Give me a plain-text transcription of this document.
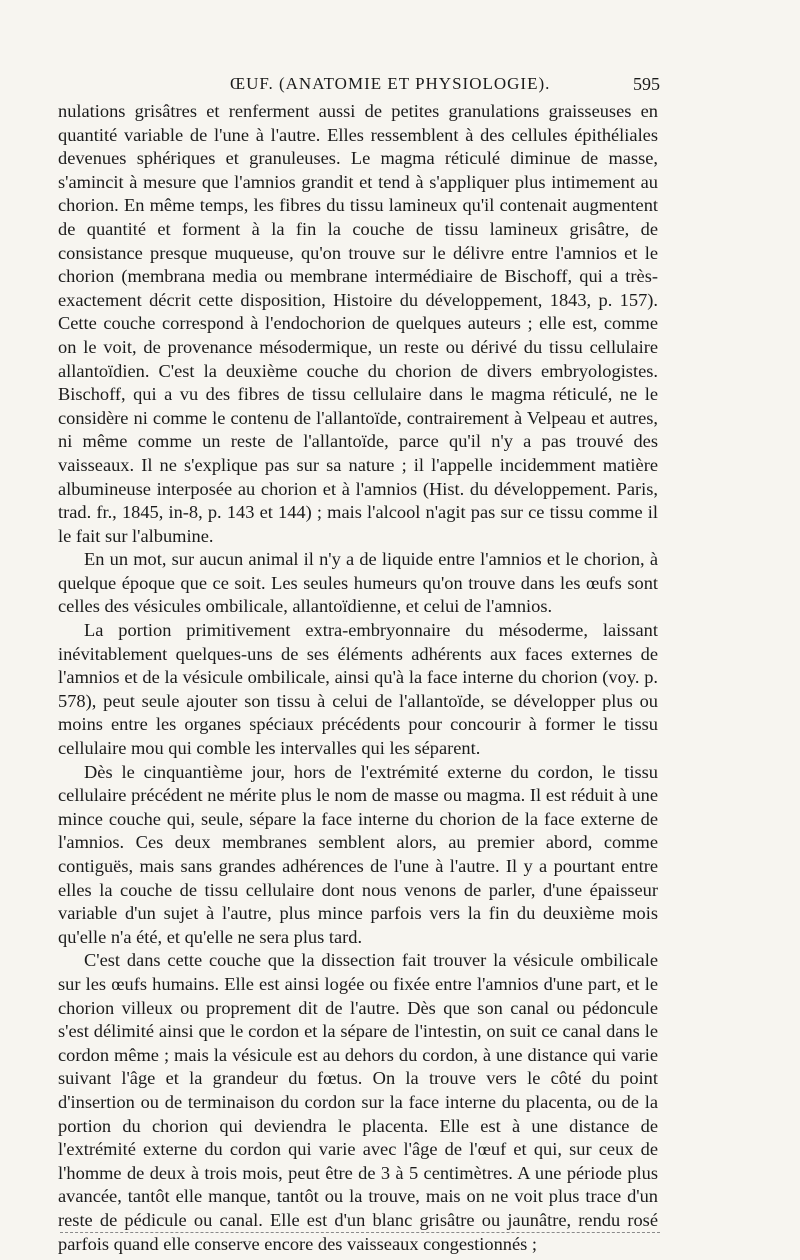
ŒUF. (ANATOMIE ET PHYSIOLOGIE).	595

nulations grisâtres et renferment aussi de petites granulations graisseuses en quantité variable de l'une à l'autre. Elles ressemblent à des cellules épithéliales devenues sphériques et granuleuses. Le magma réticulé diminue de masse, s'amincit à mesure que l'amnios grandit et tend à s'appliquer plus intimement au chorion. En même temps, les fibres du tissu lamineux qu'il contenait augmentent de quantité et forment à la fin la couche de tissu lamineux grisâtre, de consistance presque muqueuse, qu'on trouve sur le délivre entre l'amnios et le chorion (membrana media ou membrane intermédiaire de Bischoff, qui a très-exactement décrit cette disposition, Histoire du développement, 1843, p. 157). Cette couche correspond à l'endochorion de quelques auteurs ; elle est, comme on le voit, de provenance mésodermique, un reste ou dérivé du tissu cellulaire allantoïdien. C'est la deuxième couche du chorion de divers embryologistes. Bischoff, qui a vu des fibres de tissu cellulaire dans le magma réticulé, ne le considère ni comme le contenu de l'allantoïde, contrairement à Velpeau et autres, ni même comme un reste de l'allantoïde, parce qu'il n'y a pas trouvé des vaisseaux. Il ne s'explique pas sur sa nature ; il l'appelle incidemment matière albumineuse interposée au chorion et à l'amnios (Hist. du développement. Paris, trad. fr., 1845, in-8, p. 143 et 144) ; mais l'alcool n'agit pas sur ce tissu comme il le fait sur l'albumine.

En un mot, sur aucun animal il n'y a de liquide entre l'amnios et le chorion, à quelque époque que ce soit. Les seules humeurs qu'on trouve dans les œufs sont celles des vésicules ombilicale, allantoïdienne, et celui de l'amnios.

La portion primitivement extra-embryonnaire du mésoderme, laissant inévitablement quelques-uns de ses éléments adhérents aux faces externes de l'amnios et de la vésicule ombilicale, ainsi qu'à la face interne du chorion (voy. p. 578), peut seule ajouter son tissu à celui de l'allantoïde, se développer plus ou moins entre les organes spéciaux précédents pour concourir à former le tissu cellulaire mou qui comble les intervalles qui les séparent.

Dès le cinquantième jour, hors de l'extrémité externe du cordon, le tissu cellulaire précédent ne mérite plus le nom de masse ou magma. Il est réduit à une mince couche qui, seule, sépare la face interne du chorion de la face externe de l'amnios. Ces deux membranes semblent alors, au premier abord, comme contiguës, mais sans grandes adhérences de l'une à l'autre. Il y a pourtant entre elles la couche de tissu cellulaire dont nous venons de parler, d'une épaisseur variable d'un sujet à l'autre, plus mince parfois vers la fin du deuxième mois qu'elle n'a été, et qu'elle ne sera plus tard.

C'est dans cette couche que la dissection fait trouver la vésicule ombilicale sur les œufs humains. Elle est ainsi logée ou fixée entre l'amnios d'une part, et le chorion villeux ou proprement dit de l'autre. Dès que son canal ou pédoncule s'est délimité ainsi que le cordon et la sépare de l'intestin, on suit ce canal dans le cordon même ; mais la vésicule est au dehors du cordon, à une distance qui varie suivant l'âge et la grandeur du fœtus. On la trouve vers le côté du point d'insertion ou de terminaison du cordon sur la face interne du placenta, ou de la portion du chorion qui deviendra le placenta. Elle est à une distance de l'extrémité externe du cordon qui varie avec l'âge de l'œuf et qui, sur ceux de l'homme de deux à trois mois, peut être de 3 à 5 centimètres. A une période plus avancée, tantôt elle manque, tantôt ou la trouve, mais on ne voit plus trace d'un reste de pédicule ou canal. Elle est d'un blanc grisâtre ou jaunâtre, rendu rosé parfois quand elle conserve encore des vaisseaux congestionnés ;
